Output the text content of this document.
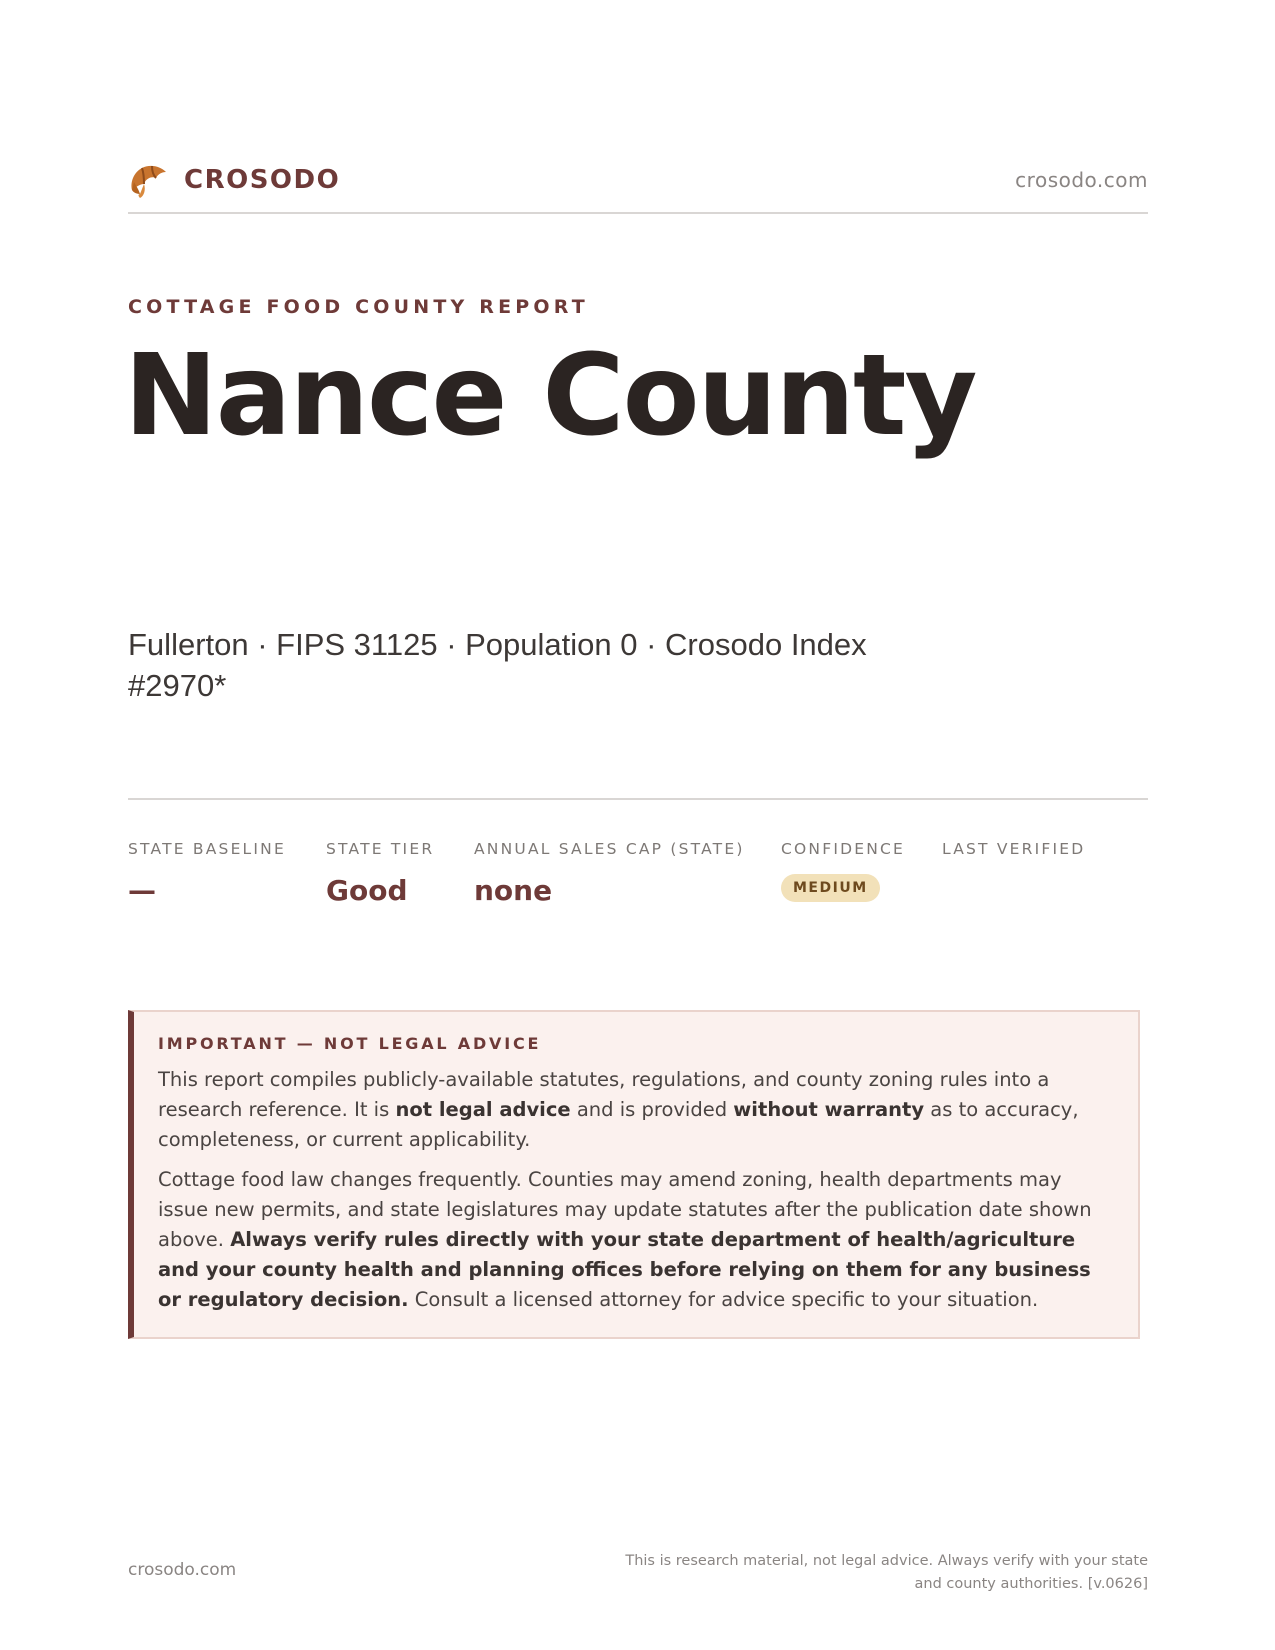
CROSODO	crosodo.com
COTTAGE FOOD COUNTY REPORT
Nance County
Fullerton · FIPS 31125 · Population 0 · Crosodo Index #2970*
STATE BASELINE
—
STATE TIER
Good
ANNUAL SALES CAP (STATE)
none
CONFIDENCE
MEDIUM
LAST VERIFIED
IMPORTANT — NOT LEGAL ADVICE

This report compiles publicly-available statutes, regulations, and county zoning rules into a research reference. It is not legal advice and is provided without warranty as to accuracy, completeness, or current applicability.

Cottage food law changes frequently. Counties may amend zoning, health departments may issue new permits, and state legislatures may update statutes after the publication date shown above. Always verify rules directly with your state department of health/agriculture and your county health and planning offices before relying on them for any business or regulatory decision. Consult a licensed attorney for advice specific to your situation.

crosodo.com	This is research material, not legal advice. Always verify with your state and county authorities. [v.0626]
